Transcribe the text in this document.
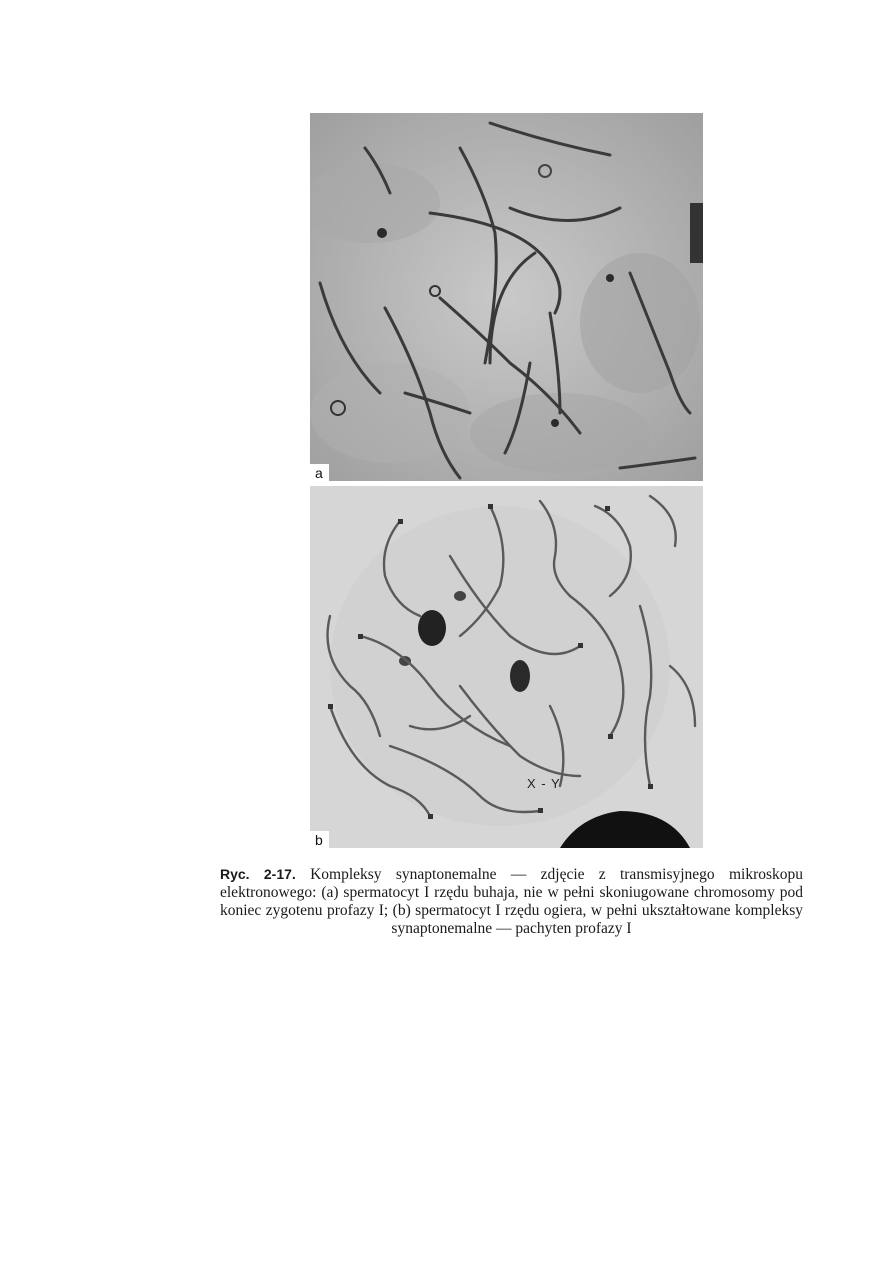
a
X - Y
b
Ryc. 2-17. Kompleksy synaptonemalne — zdjęcie z transmisyjnego mikroskopu elektronowego: (a) spermatocyt I rzędu buhaja, nie w pełni skoniugowane chromosomy pod koniec zygotenu profazy I; (b) spermatocyt I rzędu ogiera, w pełni ukształtowane kompleksy synaptonemalne — pachyten profazy I
